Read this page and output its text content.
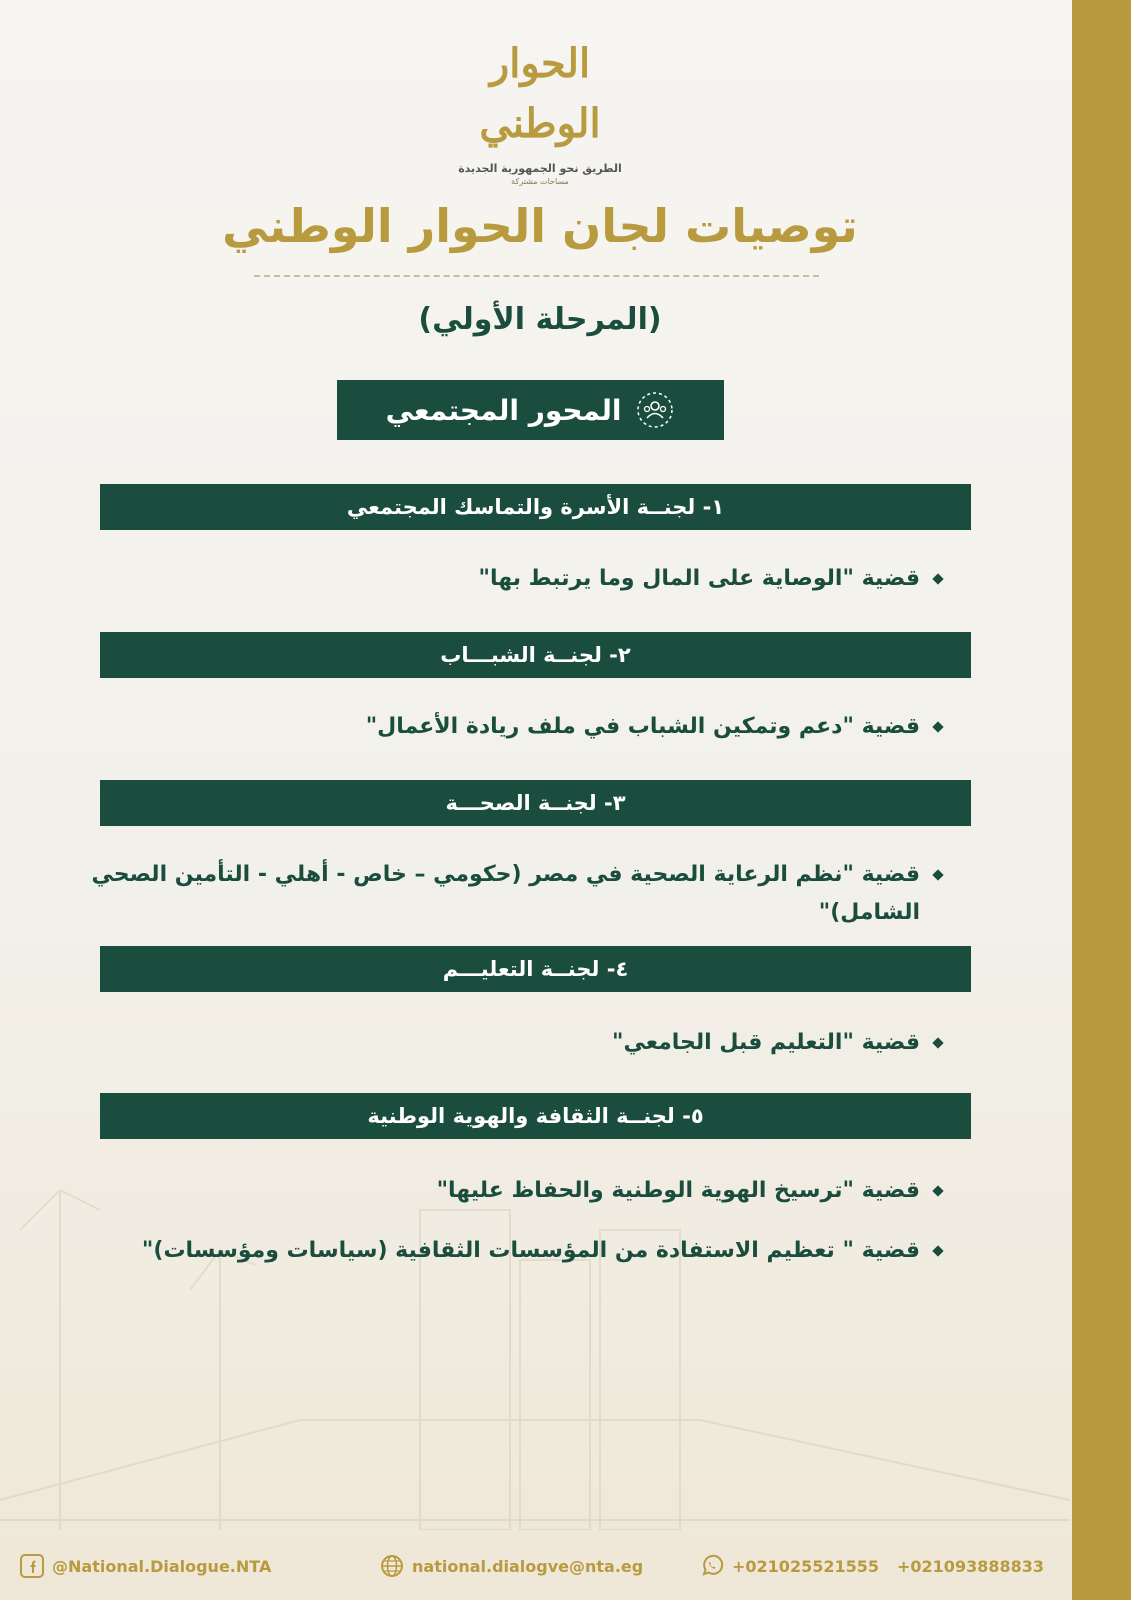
الحوار الوطني
الطريق نحو الجمهورية الجديدة
مساحات مشتركة
توصيات لجان الحوار الوطني
(المرحلة الأولي)
المحور المجتمعي
١- لجنــة الأسرة والتماسك المجتمعي
قضية "الوصاية على المال وما يرتبط بها"
٢- لجنــة الشبـــاب
قضية "دعم وتمكين الشباب في ملف ريادة الأعمال"
٣- لجنــة الصحـــة
قضية "نظم الرعاية الصحية في مصر (حكومي – خاص - أهلي - التأمين الصحي الشامل)"
٤- لجنــة التعليـــم
قضية "التعليم قبل الجامعي"
٥- لجنــة الثقافة والهوية الوطنية
قضية "ترسيخ الهوية الوطنية والحفاظ عليها"
قضية " تعظيم الاستفادة من المؤسسات الثقافية (سياسات ومؤسسات)"
@National.Dialogue.NTA	national.dialogve@nta.eg	+021025521555 +021093888833
